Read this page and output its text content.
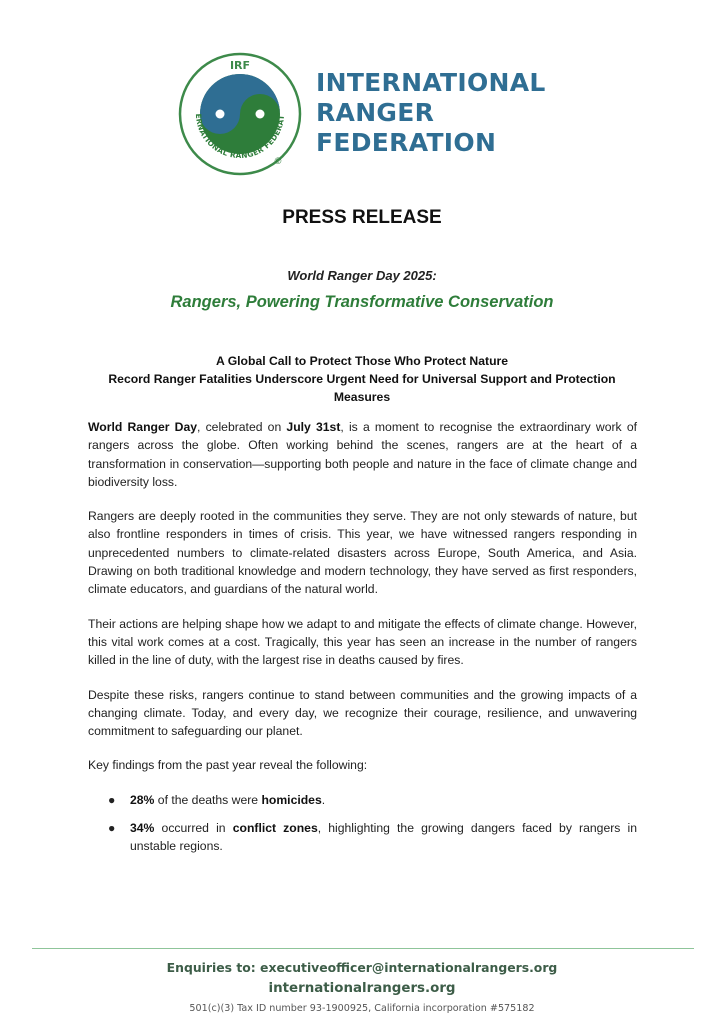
IRF
ERNATIONAL RANGER FEDERAT
©
INTERNATIONAL
RANGER
FEDERATION
PRESS RELEASE
World Ranger Day 2025:
Rangers, Powering Transformative Conservation
A Global Call to Protect Those Who Protect Nature
Record Ranger Fatalities Underscore Urgent Need for Universal Support and Protection Measures

World Ranger Day, celebrated on July 31st, is a moment to recognise the extraordinary work of rangers across the globe. Often working behind the scenes, rangers are at the heart of a transformation in conservation—supporting both people and nature in the face of climate change and biodiversity loss.

Rangers are deeply rooted in the communities they serve. They are not only stewards of nature, but also frontline responders in times of crisis. This year, we have witnessed rangers responding in unprecedented numbers to climate-related disasters across Europe, South America, and Asia. Drawing on both traditional knowledge and modern technology, they have served as first responders, climate educators, and guardians of the natural world.

Their actions are helping shape how we adapt to and mitigate the effects of climate change. However, this vital work comes at a cost. Tragically, this year has seen an increase in the number of rangers killed in the line of duty, with the largest rise in deaths caused by fires.

Despite these risks, rangers continue to stand between communities and the growing impacts of a changing climate. Today, and every day, we recognize their courage, resilience, and unwavering commitment to safeguarding our planet.

Key findings from the past year reveal the following:

● 28% of the deaths were homicides.
● 34% occurred in conflict zones, highlighting the growing dangers faced by rangers in unstable regions.
Enquiries to: executiveofficer@internationalrangers.org
internationalrangers.org
501(c)(3) Tax ID number 93-1900925, California incorporation #575182
